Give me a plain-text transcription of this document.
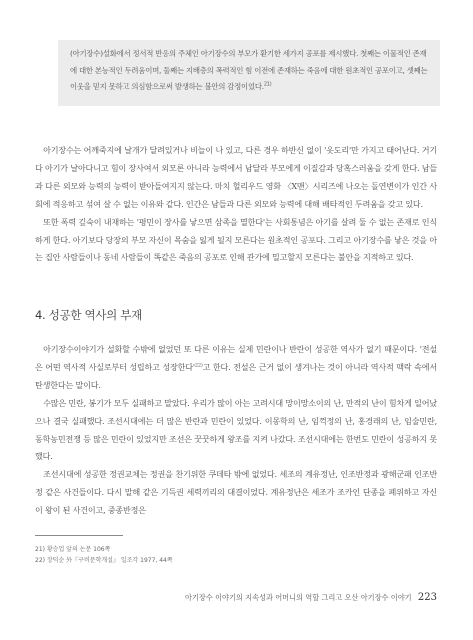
(아기장수)설화에서 정서적 반응의 주체인 아기장수의 부모가 환기한 세가지 공포를 제시했다. 첫째는 이물적인 존재에 대한 본능적인 두려움이며, 둘째는 지배층의 폭력적인 힘 이전에 존재하는 죽음에 대한 원초적인 공포이고, 셋째는 이웃을 믿지 못하고 의심함으로써 발생하는 불안의 감정이었다.$^{21)}$

아기장수는 어깨죽지에 날개가 달려있거나 비늘이 나 있고, 다른 경우 하반신 없이 '옷도리'만 가지고 태어난다. 거기다 아기가 날아다니고 힘이 장사여서 외모론 아니라 능력에서 남달라 부모에게 이질감과 당혹스러움을 갖게 한다. 남들과 다른 외모와 능력의 능력이 받아들여지지 않는다. 마치 헐리우드 영화 〈X맨〉시리즈에 나오는 돌연변이가 인간 사회에 적응하고 섞여 살 수 없는 이유와 같다. 인간은 남들과 다른 외모와 능력에 대해 배타적인 두려움을 갖고 있다.

또한 폭력 깊숙이 내재하는 '평민이 장사를 낳으면 삼족을 멸한다'는 사회통념은 아기를 살려 둘 수 없는 존재로 인식하게 한다. 아기보다 당장의 부모 자신이 목숨을 잃게 될지 모른다는 원초적인 공포다. 그리고 아기장수를 낳은 것을 아는 집안 사람들이나 동네 사람들이 똑같은 죽음의 공포로 인해 관가에 밀고할지 모른다는 불안을 지적하고 있다.

4. 성공한 역사의 부재

아기장수이야기가 설화할 수밖에 없었던 또 다른 이유는 실제 민란이나 반란이 성공한 역사가 없기 때문이다. '전설은 어떤 역사적 사실로부터 성립하고 성장한다'$^{22)}$고 한다. 전설은 근거 없이 생겨나는 것이 아니라 역사적 맥락 속에서 탄생한다는 말이다.

수많은 민란, 봉기가 모두 실패하고 말았다. 우리가 많이 아는 고려시대 망이망소이의 난, 만적의 난이 힘차게 일어났으나 결국 실패했다. 조선시대에는 더 많은 반란과 민란이 있었다. 이몽학의 난, 임꺽정의 난, 홍경래의 난, 임술민란, 동학농민전쟁 등 많은 민란이 있었지만 조선은 꿋꿋하게 왕조를 지켜 나갔다. 조선시대에는 한번도 민란이 성공하지 못했다.

조선시대에 성공한 정권교체는 정권을 찬기위한 쿠데타 밖에 없었다. 세조의 계유정난, 인조반정과 광해군패 인조반정 같은 사건들이다. 다시 말해 같은 기득권 세력끼리의 대결이었다. 계유정난은 세조가 조카인 단종을 폐위하고 자신이 왕이 된 사건이고, 중종반정은

21) 황승업 앞의 논문 106쪽
22) 장덕순 外『구비문학개설』 일조각 1977, 44쪽
아기장수 이야기의 지속성과 어머니의 역할 그리고 오산 아기장수 이야기 223
